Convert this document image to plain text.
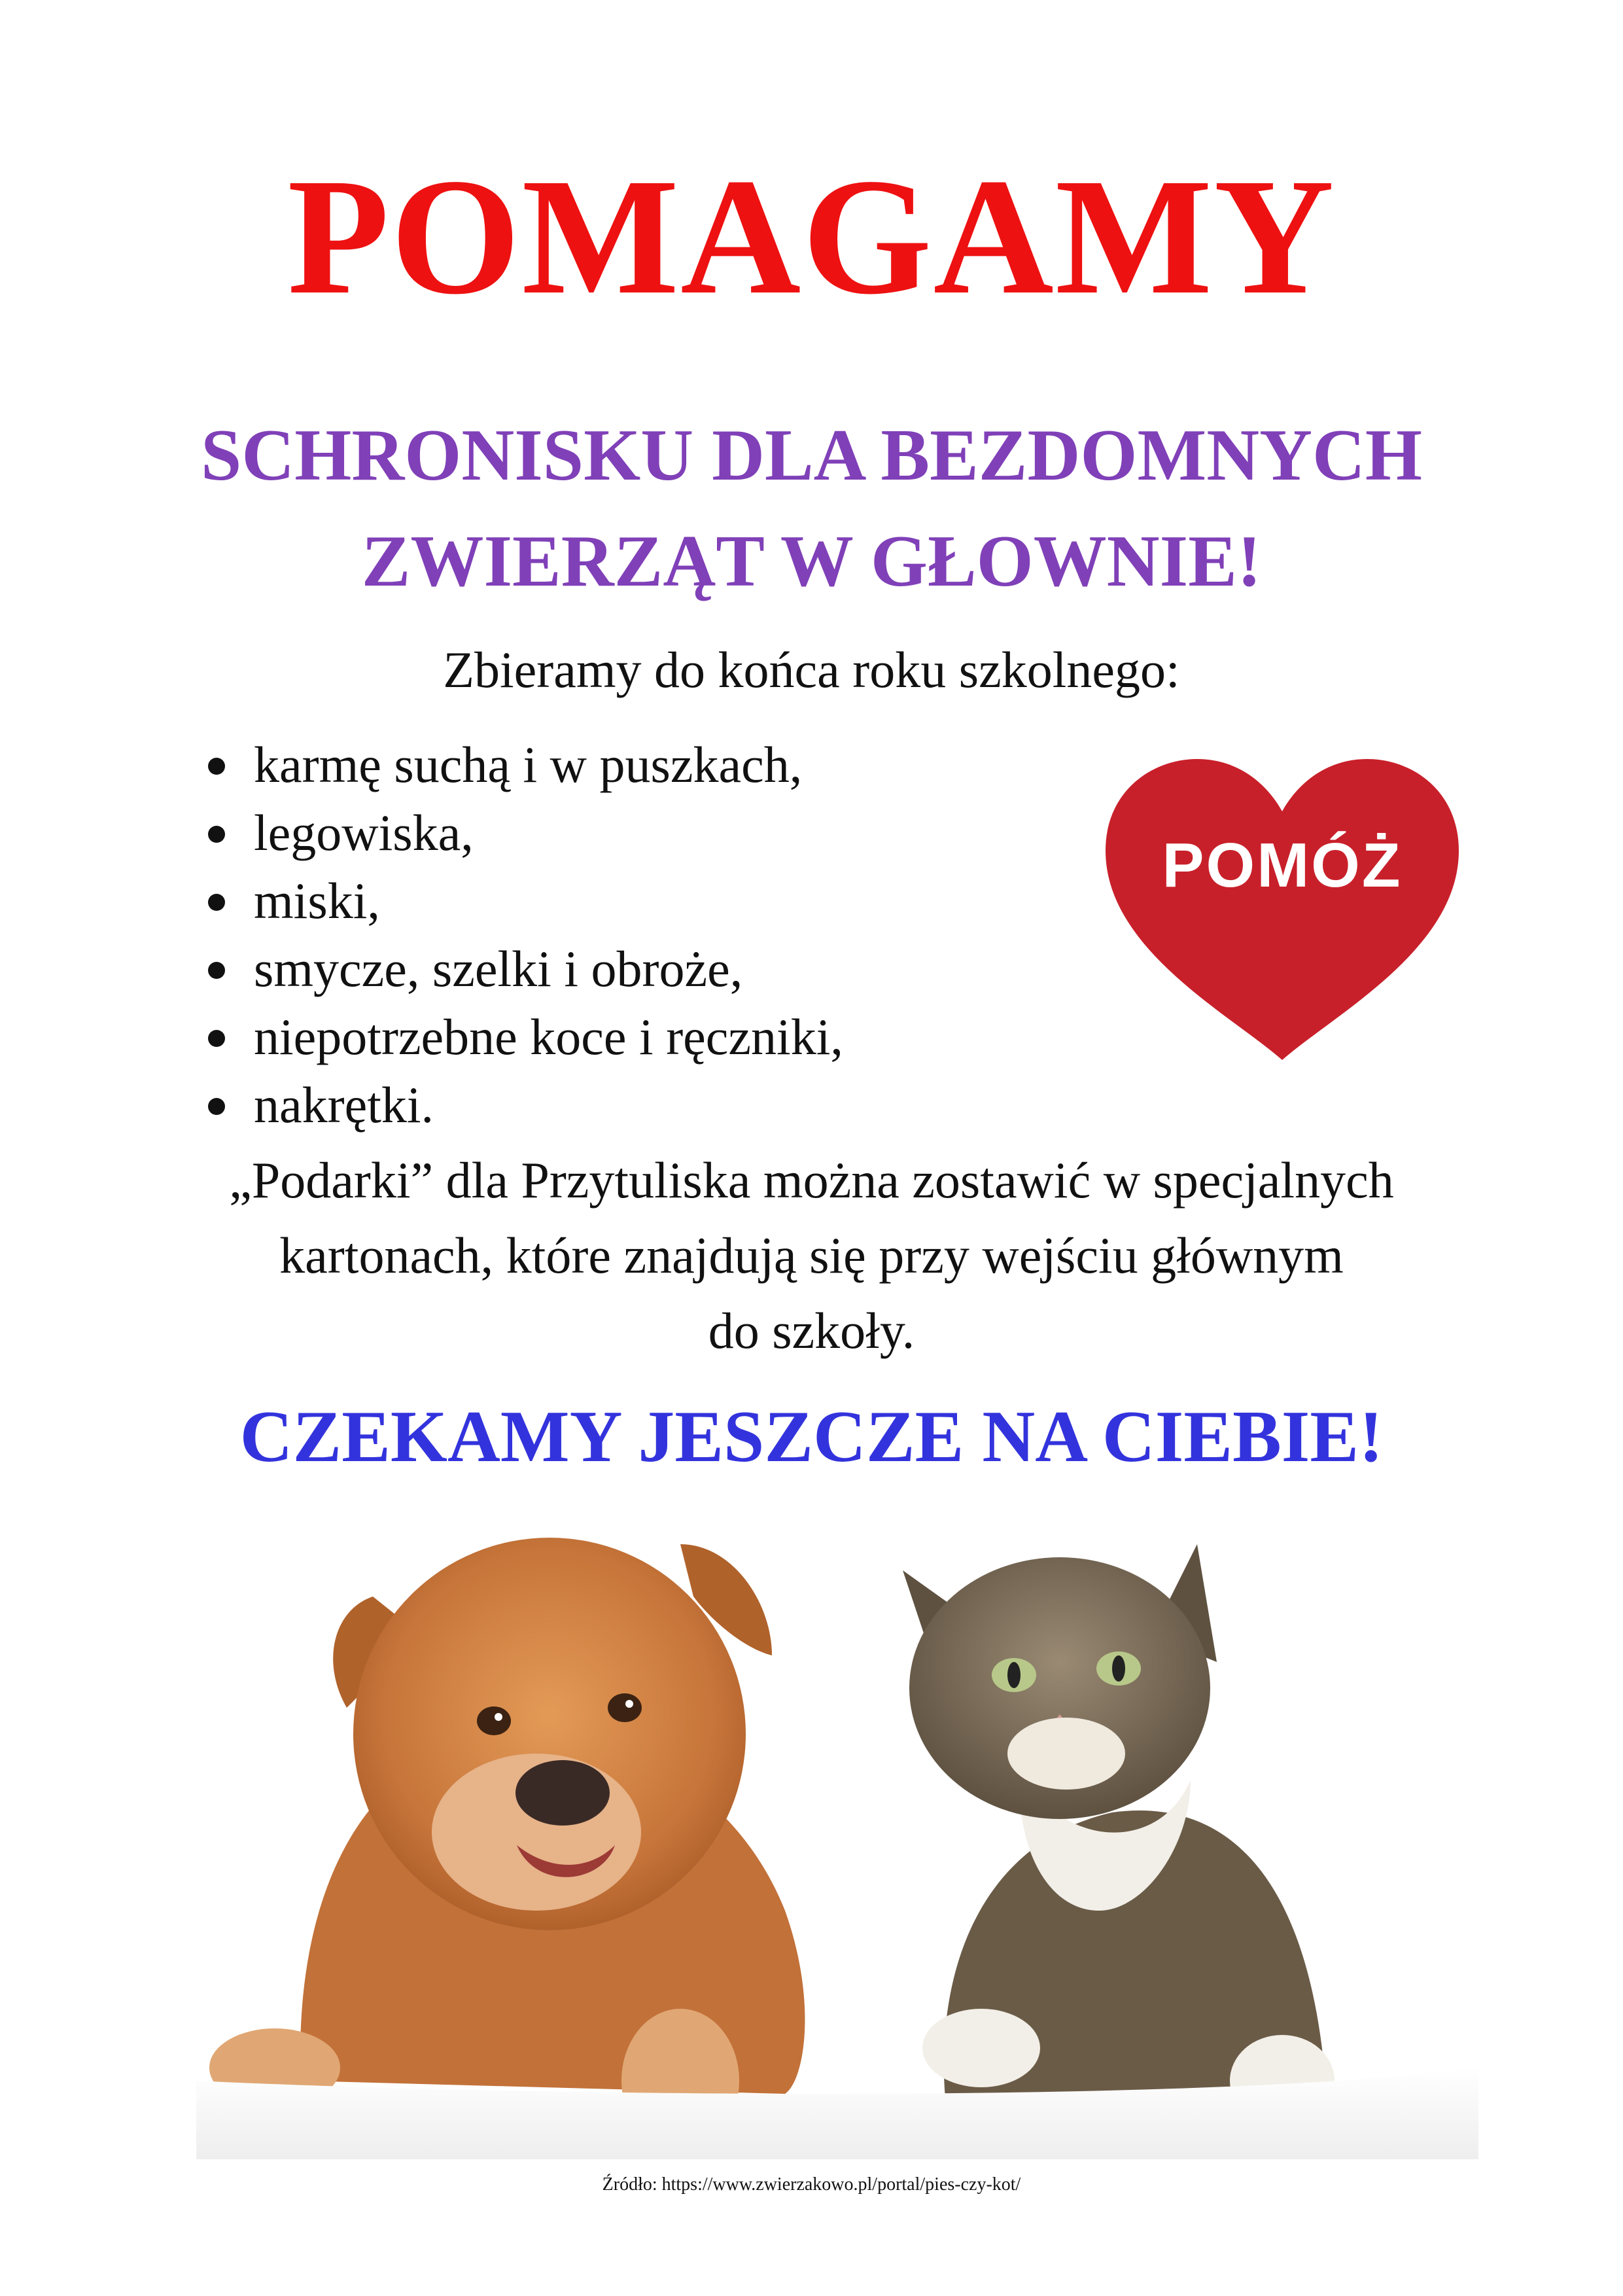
POMAGAMY
SCHRONISKU DLA BEZDOMNYCH
ZWIERZĄT W GŁOWNIE!

Zbieramy do końca roku szkolnego:

karmę suchą i w puszkach,
legowiska,
miski,
smycze, szelki i obroże,
niepotrzebne koce i ręczniki,
nakrętki.
POMÓŻ

„Podarki” dla Przytuliska można zostawić w specjalnych

kartonach, które znajdują się przy wejściu głównym

do szkoły.

CZEKAMY JESZCZE NA CIEBIE!

Źródło: https://www.zwierzakowo.pl/portal/pies-czy-kot/
